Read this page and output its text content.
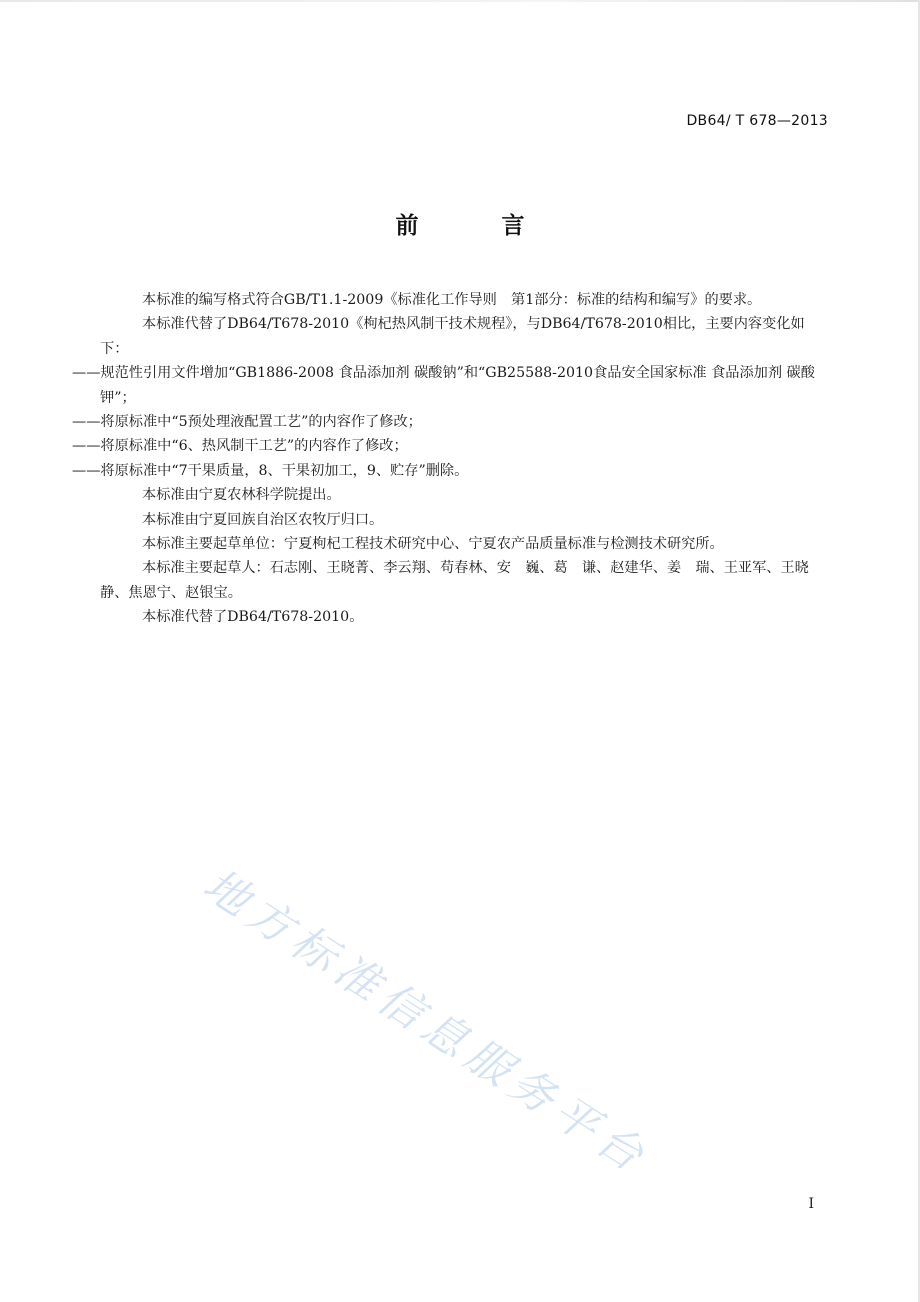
DB64/ T 678—2013
前　言

本标准的编写格式符合GB/T1.1-2009《标准化工作导则　第1部分：标准的结构和编写》的要求。

本标准代替了DB64/T678-2010《枸杞热风制干技术规程》，与DB64/T678-2010相比，主要内容变化如下：

——规范性引用文件增加“GB1886-2008 食品添加剂 碳酸钠”和“GB25588-2010食品安全国家标准 食品添加剂 碳酸钾”；

——将原标准中“5预处理液配置工艺”的内容作了修改；

——将原标准中“6、热风制干工艺”的内容作了修改；

——将原标准中“7干果质量，8、干果初加工，9、贮存”删除。

本标准由宁夏农林科学院提出。

本标准由宁夏回族自治区农牧厅归口。

本标准主要起草单位：宁夏枸杞工程技术研究中心、宁夏农产品质量标准与检测技术研究所。

本标准主要起草人：石志刚、王晓菁、李云翔、苟春林、安　巍、葛　谦、赵建华、姜　瑞、王亚军、王晓静、焦恩宁、赵银宝。

本标准代替了DB64/T678-2010。

地方标准信息服务平台
I
